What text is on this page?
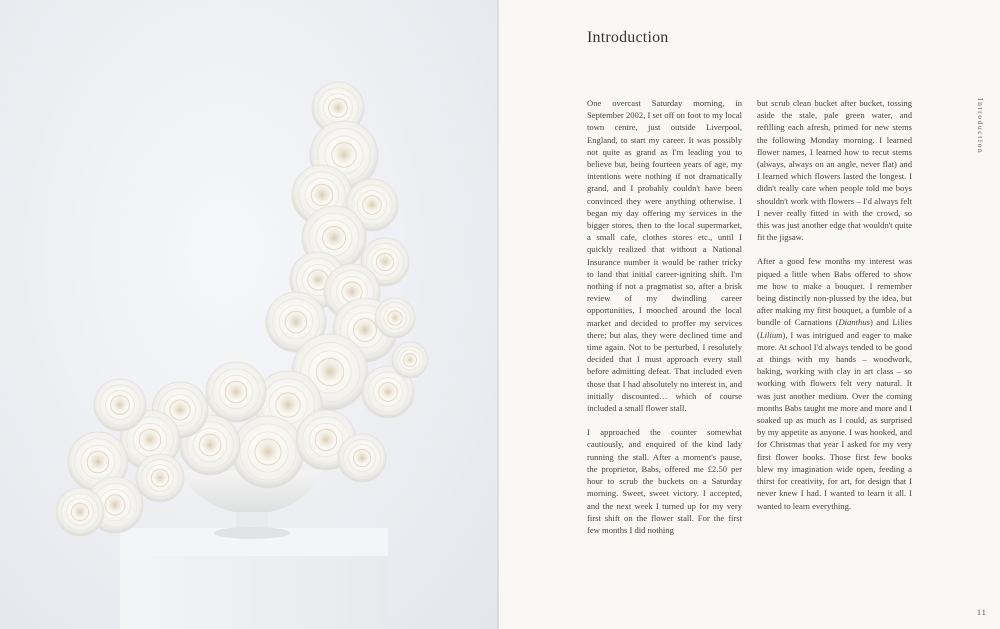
Introduction

One overcast Saturday morning, in September 2002, I set off on foot to my local town centre, just outside Liverpool, England, to start my career. It was possibly not quite as grand as I'm leading you to believe but, being fourteen years of age, my intentions were nothing if not dramatically grand, and I probably couldn't have been convinced they were anything otherwise. I began my day offering my services in the bigger stores, then to the local supermarket, a small cafe, clothes stores etc., until I quickly realized that without a National Insurance number it would be rather tricky to land that initial career-igniting shift. I'm nothing if not a pragmatist so, after a brisk review of my dwindling career opportunities, I mooched around the local market and decided to proffer my services there; but alas, they were declined time and time again. Not to be perturbed, I resolutely decided that I must approach every stall before admitting defeat. That included even those that I had absolutely no interest in, and initially discounted… which of course included a small flower stall.

I approached the counter somewhat cautiously, and enquired of the kind lady running the stall. After a moment's pause, the proprietor, Babs, offered me £2.50 per hour to scrub the buckets on a Saturday morning. Sweet, sweet victory. I accepted, and the next week I turned up for my very first shift on the flower stall. For the first few months I did nothing

but scrub clean bucket after bucket, tossing aside the stale, pale green water, and refilling each afresh, primed for new stems the following Monday morning. I learned flower names, I learned how to recut stems (always, always on an angle, never flat) and I learned which flowers lasted the longest. I didn't really care when people told me boys shouldn't work with flowers – I'd always felt I never really fitted in with the crowd, so this was just another edge that wouldn't quite fit the jigsaw.

After a good few months my interest was piqued a little when Babs offered to show me how to make a bouquet. I remember being distinctly non-plussed by the idea, but after making my first bouquet, a fumble of a bundle of Carnations (Dianthus) and Lilies (Lilium), I was intrigued and eager to make more. At school I'd always tended to be good at things with my hands – woodwork, baking, working with clay in art class – so working with flowers felt very natural. It was just another medium. Over the coming months Babs taught me more and more and I soaked up as much as I could, as surprised by my appetite as anyone. I was hooked, and for Christmas that year I asked for my very first flower books. Those first few books blew my imagination wide open, feeding a thirst for creativity, for art, for design that I never knew I had. I wanted to learn it all. I wanted to learn everything.

Introduction
11
